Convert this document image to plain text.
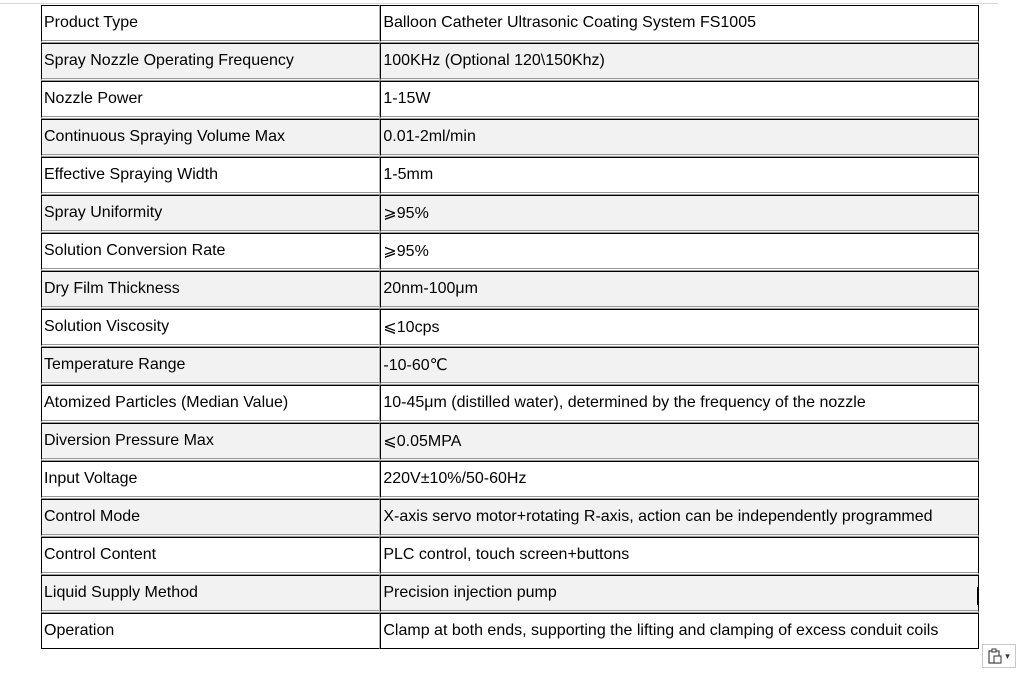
Product Type	Balloon Catheter Ultrasonic Coating System FS1005
Spray Nozzle Operating Frequency	100KHz (Optional 120\150Khz)
Nozzle Power	1-15W
Continuous Spraying Volume Max	0.01-2ml/min
Effective Spraying Width	1-5mm
Spray Uniformity	⩾95%
Solution Conversion Rate	⩾95%
Dry Film Thickness	20nm-100μm
Solution Viscosity	⩽10cps
Temperature Range	-10-60℃
Atomized Particles (Median Value)	10-45μm (distilled water), determined by the frequency of the nozzle
Diversion Pressure Max	⩽0.05MPA
Input Voltage	220V±10%/50-60Hz
Control Mode	X-axis servo motor+rotating R-axis, action can be independently programmed
Control Content	PLC control, touch screen+buttons
Liquid Supply Method	Precision injection pump
Operation	Clamp at both ends, supporting the lifting and clamping of excess conduit coils
▾
